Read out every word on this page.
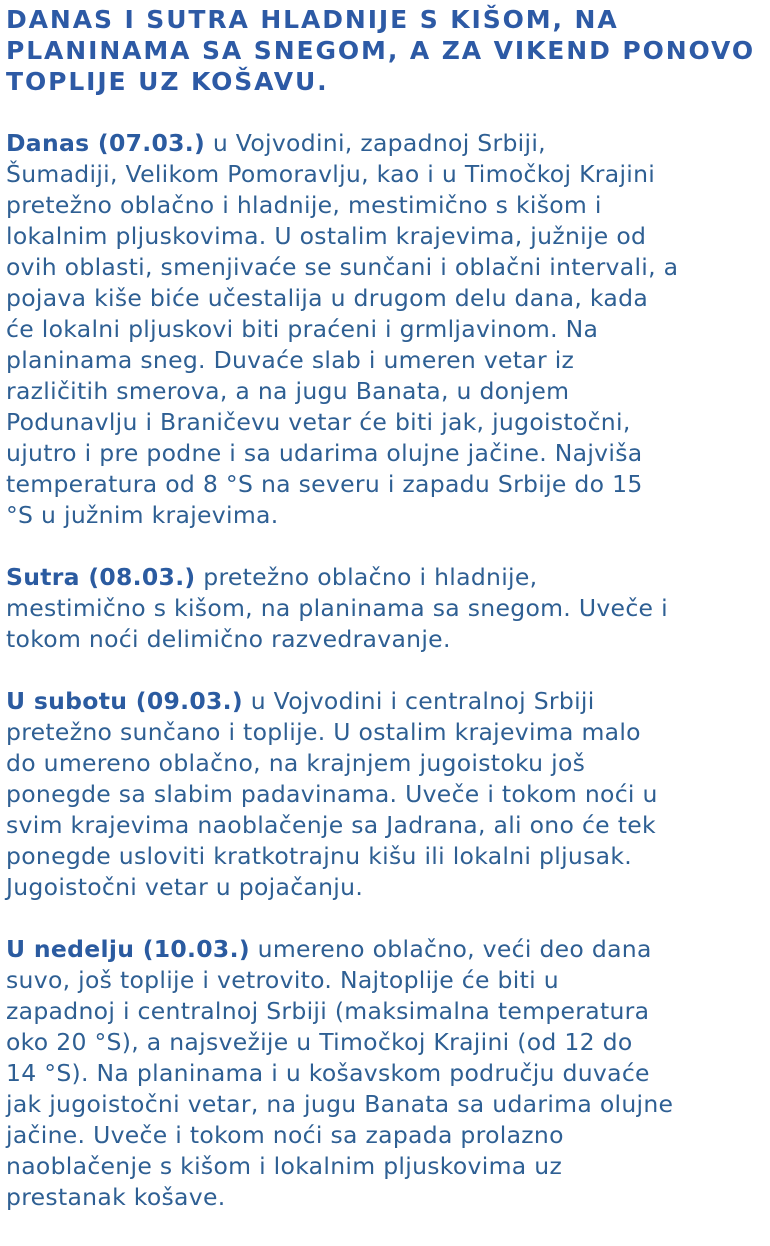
DANAS I SUTRA HLADNIJE S KIŠOM, NA
PLANINAMA SA SNEGOM, A ZA VIKEND PONOVO
TOPLIJE UZ KOŠAVU.

Danas (07.03.) u Vojvodini, zapadnoj Srbiji,
Šumadiji, Velikom Pomoravlju, kao i u Timočkoj Krajini
pretežno oblačno i hladnije, mestimično s kišom i
lokalnim pljuskovima. U ostalim krajevima, južnije od
ovih oblasti, smenjivaće se sunčani i oblačni intervali, a
pojava kiše biće učestalija u drugom delu dana, kada
će lokalni pljuskovi biti praćeni i grmljavinom. Na
planinama sneg. Duvaće slab i umeren vetar iz
različitih smerova, a na jugu Banata, u donjem
Podunavlju i Braničevu vetar će biti jak, jugoistočni,
ujutro i pre podne i sa udarima olujne jačine. Najviša
temperatura od 8 °S na severu i zapadu Srbije do 15
°S u južnim krajevima.

Sutra (08.03.) pretežno oblačno i hladnije,
mestimično s kišom, na planinama sa snegom. Uveče i
tokom noći delimično razvedravanje.

U subotu (09.03.) u Vojvodini i centralnoj Srbiji
pretežno sunčano i toplije. U ostalim krajevima malo
do umereno oblačno, na krajnjem jugoistoku još
ponegde sa slabim padavinama. Uveče i tokom noći u
svim krajevima naoblačenje sa Jadrana, ali ono će tek
ponegde usloviti kratkotrajnu kišu ili lokalni pljusak.
Jugoistočni vetar u pojačanju.

U nedelju (10.03.) umereno oblačno, veći deo dana
suvo, još toplije i vetrovito. Najtoplije će biti u
zapadnoj i centralnoj Srbiji (maksimalna temperatura
oko 20 °S), a najsvežije u Timočkoj Krajini (od 12 do
14 °S). Na planinama i u košavskom području duvaće
jak jugoistočni vetar, na jugu Banata sa udarima olujne
jačine. Uveče i tokom noći sa zapada prolazno
naoblačenje s kišom i lokalnim pljuskovima uz
prestanak košave.
